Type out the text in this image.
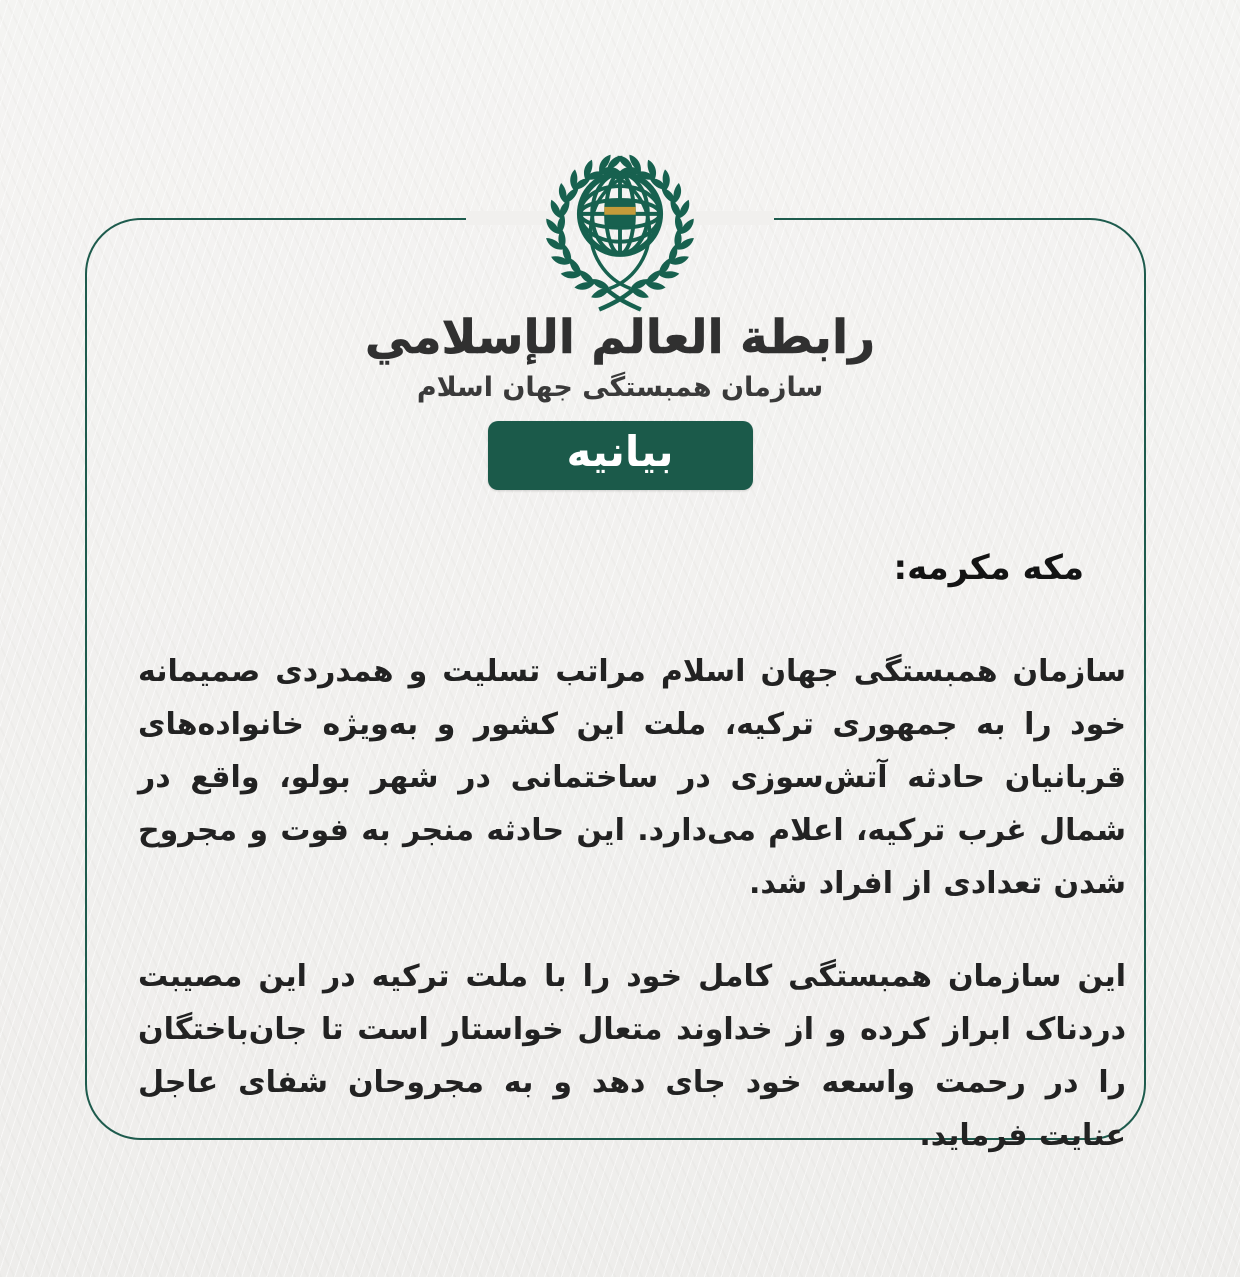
رابطة العالم الإسلامي
سازمان همبستگی جهان اسلام
بیانیه
مکه مکرمه:

سازمان همبستگی جهان اسلام مراتب تسلیت و همدردی صمیمانه خود را به جمهوری ترکیه، ملت این کشور و به‌ویژه خانواده‌های قربانیان حادثه آتش‌سوزی در ساختمانی در شهر بولو، واقع در شمال غرب ترکیه، اعلام می‌دارد. این حادثه منجر به فوت و مجروح شدن تعدادی از افراد شد.

این سازمان همبستگی کامل خود را با ملت ترکیه در این مصیبت دردناک ابراز کرده و از خداوند متعال خواستار است تا جان‌باختگان را در رحمت واسعه خود جای دهد و به مجروحان شفای عاجل عنایت فرماید.
